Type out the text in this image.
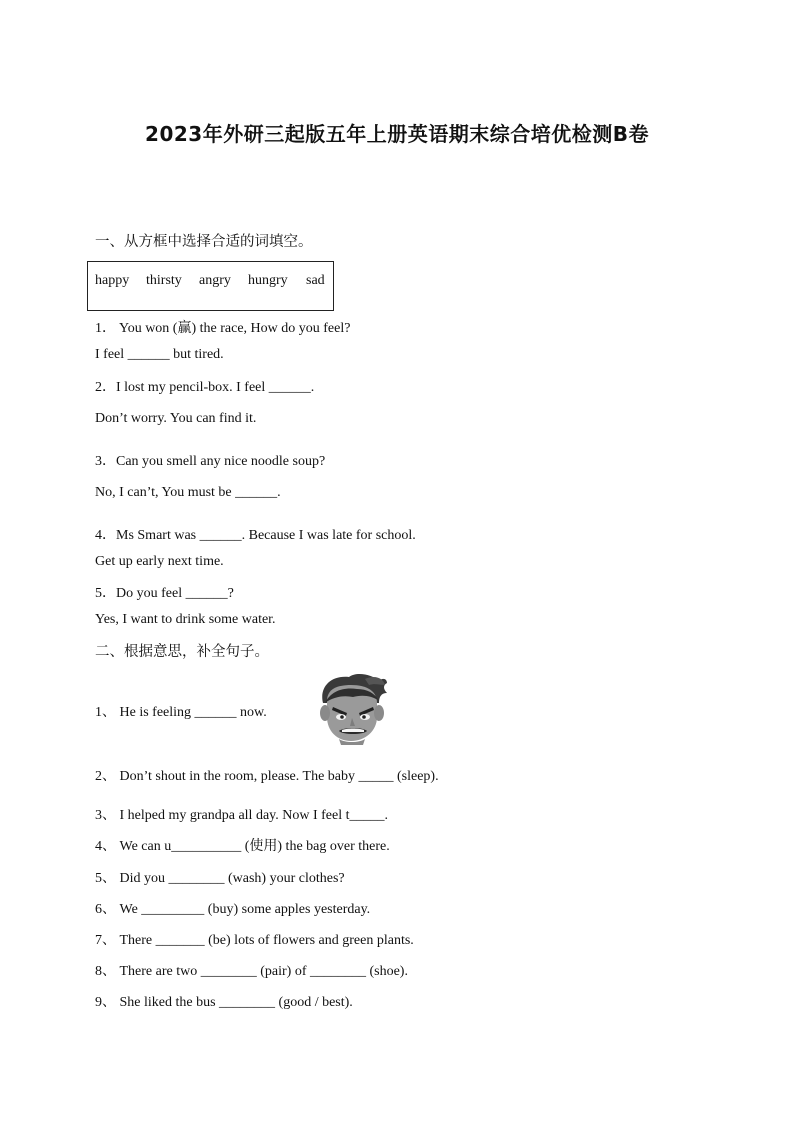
2023年外研三起版五年上册英语期末综合培优检测B卷
一、从方框中选择合适的词填空。
happy thirsty angry hungry sad
1． You won (赢) the race, How do you feel?
I feel ______ but tired.
2．I lost my pencil-box. I feel ______.
Don’t worry. You can find it.
3．Can you smell any nice noodle soup?
No, I can’t, You must be ______.
4．Ms Smart was ______. Because I was late for school.
Get up early next time.
5．Do you feel ______?
Yes, I want to drink some water.
二、根据意思，补全句子。
1、 He is feeling ______ now.
2、 Don’t shout in the room, please. The baby _____ (sleep).
3、 I helped my grandpa all day. Now I feel t_____.
4、 We can u__________ (使用) the bag over there.
5、 Did you ________ (wash) your clothes?
6、 We _________ (buy) some apples yesterday.
7、 There _______ (be) lots of flowers and green plants.
8、 There are two ________ (pair) of ________ (shoe).
9、 She liked the bus ________ (good / best).
